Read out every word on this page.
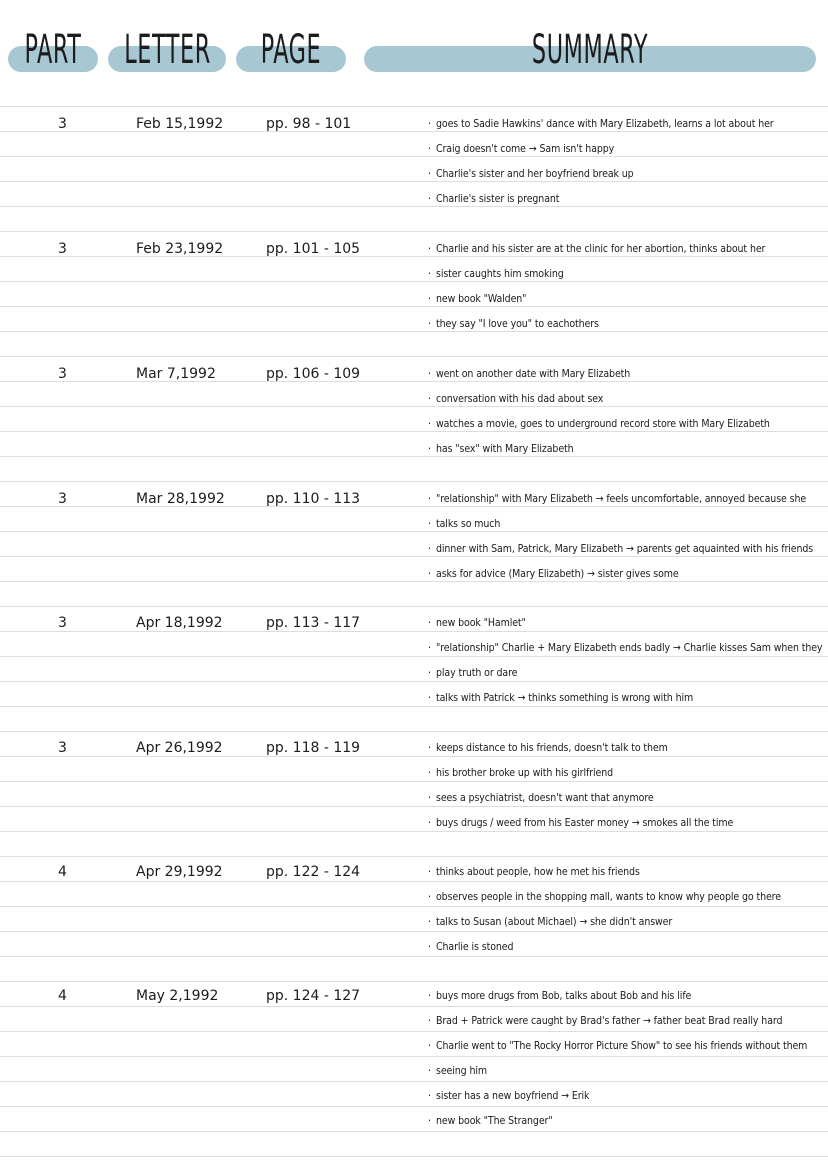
PART LETTER PAGE	SUMMARY
3	Feb 15,1992	pp. 98 - 101	· goes to Sadie Hawkins' dance with Mary Elizabeth, learns a lot about her
· Craig doesn't come → Sam isn't happy
· Charlie's sister and her boyfriend break up
· Charlie's sister is pregnant
3	Feb 23,1992	pp. 101 - 105	· Charlie and his sister are at the clinic for her abortion, thinks about her
· sister caughts him smoking
· new book "Walden"
· they say "I love you" to eachothers
3	Mar 7,1992	pp. 106 - 109	· went on another date with Mary Elizabeth
· conversation with his dad about sex
· watches a movie, goes to underground record store with Mary Elizabeth
· has "sex" with Mary Elizabeth
3	Mar 28,1992	pp. 110 - 113	· "relationship" with Mary Elizabeth → feels uncomfortable, annoyed because she
· talks so much
· dinner with Sam, Patrick, Mary Elizabeth → parents get aquainted with his friends
· asks for advice (Mary Elizabeth) → sister gives some
3	Apr 18,1992	pp. 113 - 117	· new book "Hamlet"
· "relationship" Charlie + Mary Elizabeth ends badly → Charlie kisses Sam when they
· play truth or dare
· talks with Patrick → thinks something is wrong with him
3	Apr 26,1992	pp. 118 - 119	· keeps distance to his friends, doesn't talk to them
· his brother broke up with his girlfriend
· sees a psychiatrist, doesn't want that anymore
· buys drugs / weed from his Easter money → smokes all the time
4	Apr 29,1992	pp. 122 - 124	· thinks about people, how he met his friends
· observes people in the shopping mall, wants to know why people go there
· talks to Susan (about Michael) → she didn't answer
· Charlie is stoned
4	May 2,1992	pp. 124 - 127	· buys more drugs from Bob, talks about Bob and his life
· Brad + Patrick were caught by Brad's father → father beat Brad really hard
· Charlie went to "The Rocky Horror Picture Show" to see his friends without them
· seeing him
· sister has a new boyfriend → Erik
· new book "The Stranger"
